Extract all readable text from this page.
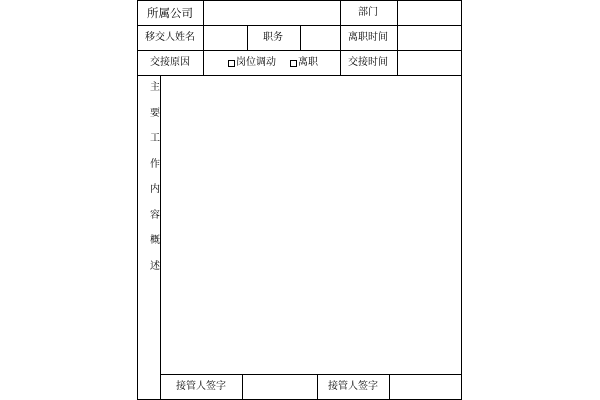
所属公司	部门
移交人姓名	职务	离职时间
交接原因	岗位调动 离职	交接时间
主
要
工
作
内
容
概
述
接管人签字	接管人签字
